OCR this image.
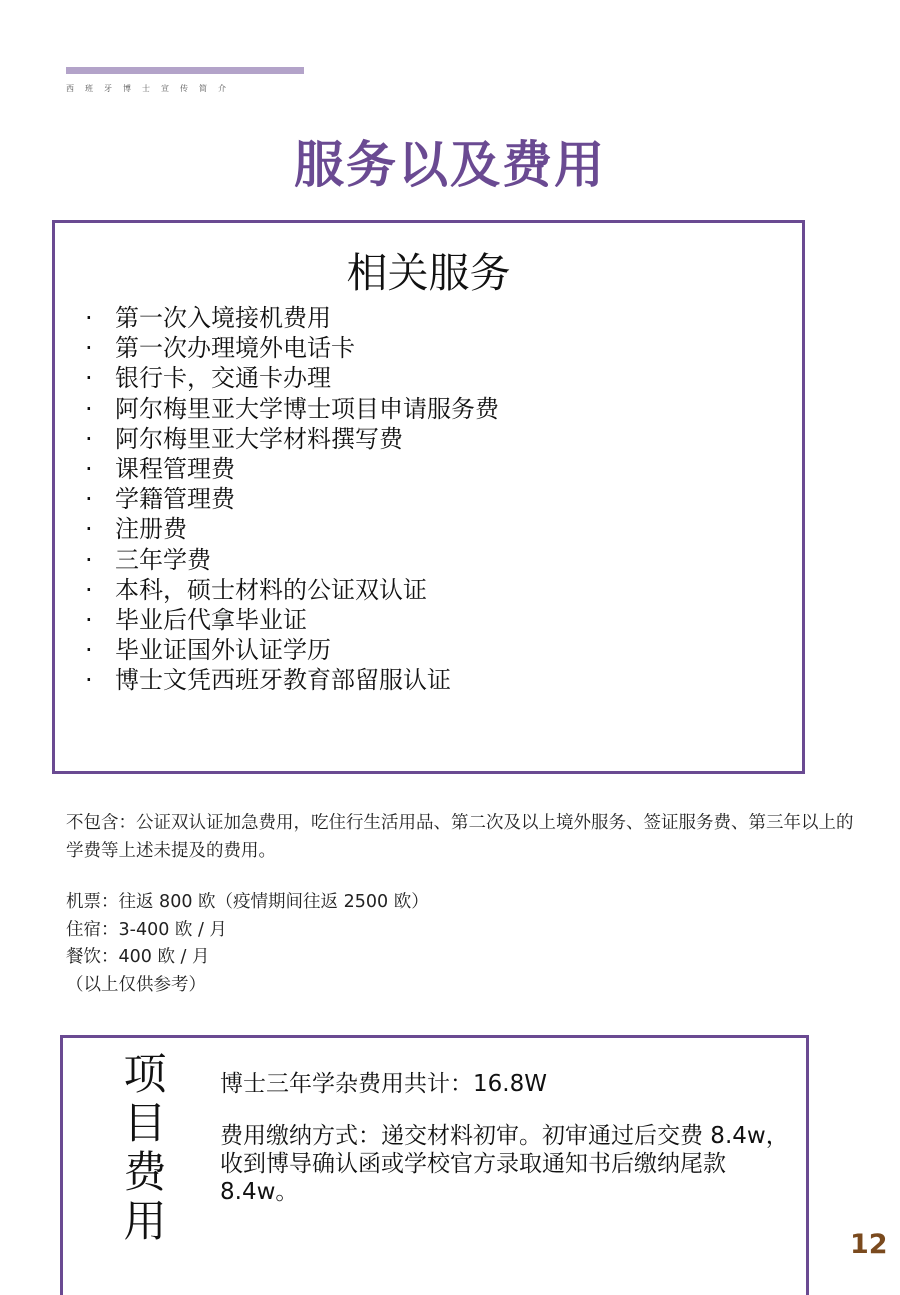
西班牙博士宣传简介
服务以及费用
相关服务
· 第一次入境接机费用
· 第一次办理境外电话卡
· 银行卡，交通卡办理
· 阿尔梅里亚大学博士项目申请服务费
· 阿尔梅里亚大学材料撰写费
· 课程管理费
· 学籍管理费
· 注册费
· 三年学费
· 本科，硕士材料的公证双认证
· 毕业后代拿毕业证
· 毕业证国外认证学历
· 博士文凭西班牙教育部留服认证

不包含：公证双认证加急费用，吃住行生活用品、第二次及以上境外服务、签证服务费、第三年以上的学费等上述未提及的费用。

机票：往返 800 欧（疫情期间往返 2500 欧）
住宿：3-400 欧 / 月
餐饮：400 欧 / 月
（以上仅供参考）
项
目
费
用
博士三年学杂费用共计：16.8W
费用缴纳方式：递交材料初审。初审通过后交费 8.4w，收到博导确认函或学校官方录取通知书后缴纳尾款 8.4w。
12
